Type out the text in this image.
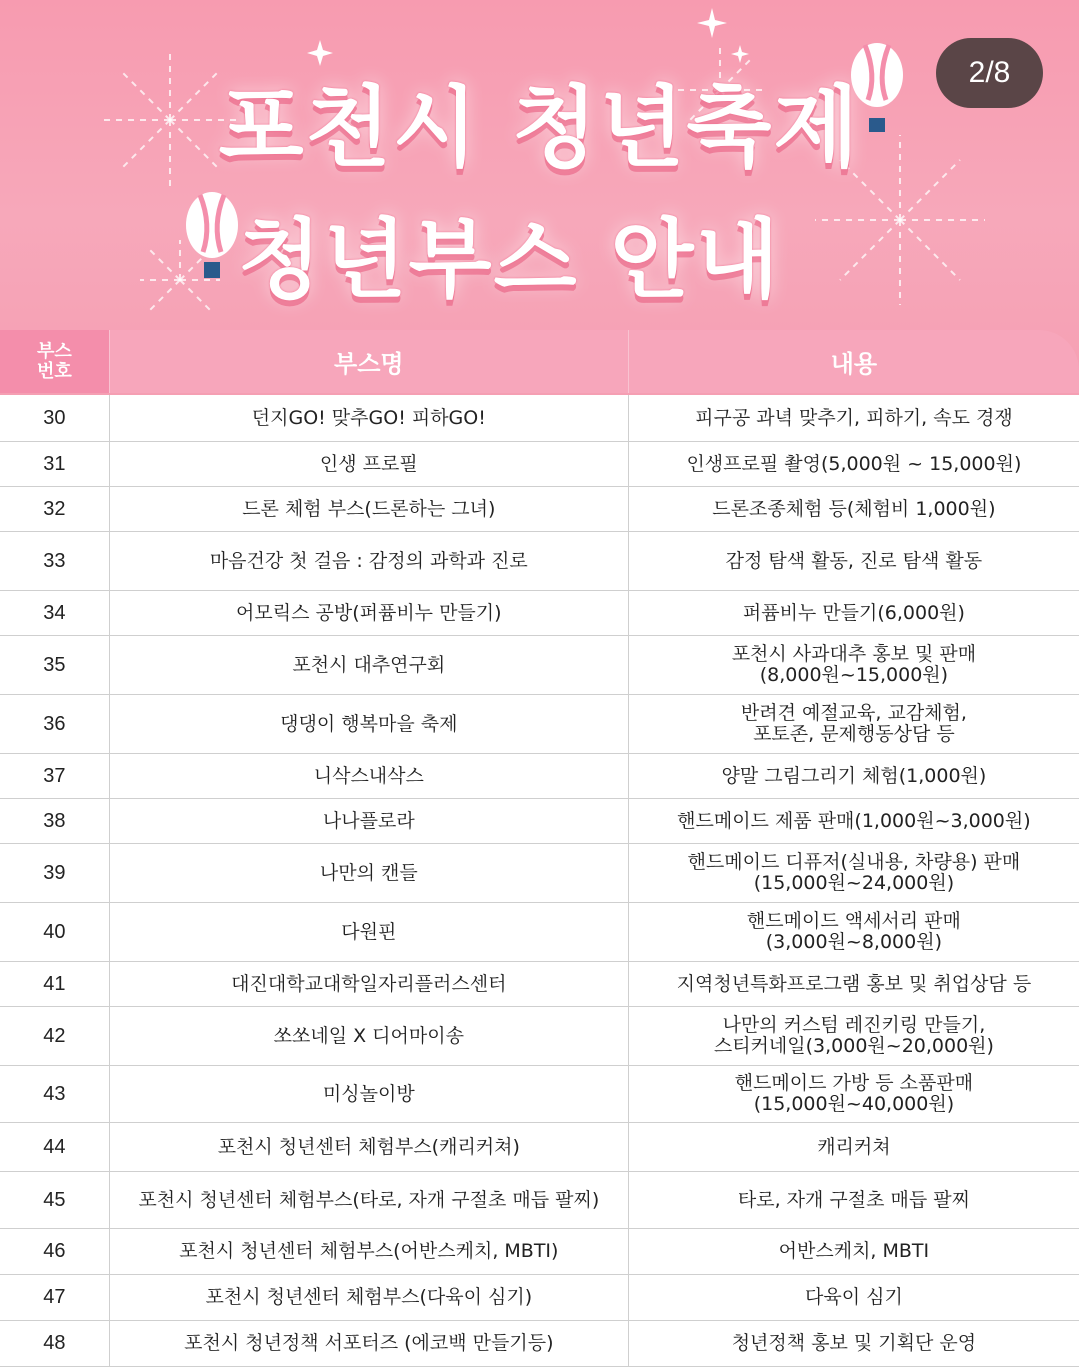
포천시 청년축제
청년부스 안내
2/8
부스
번호	부스명	내용
30	던지GO! 맞추GO! 피하GO!	피구공 과녁 맞추기, 피하기, 속도 경쟁
31	인생 프로필	인생프로필 촬영(5,000원 ~ 15,000원)
32	드론 체험 부스(드론하는 그녀)	드론조종체험 등(체험비 1,000원)
33	마음건강 첫 걸음 : 감정의 과학과 진로	감정 탐색 활동, 진로 탐색 활동
34	어모릭스 공방(퍼퓸비누 만들기)	퍼퓸비누 만들기(6,000원)
35	포천시 대추연구회	포천시 사과대추 홍보 및 판매
(8,000원~15,000원)
36	댕댕이 행복마을 축제	반려견 예절교육, 교감체험,
포토존, 문제행동상담 등
37	니삭스내삭스	양말 그림그리기 체험(1,000원)
38	나나플로라	핸드메이드 제품 판매(1,000원~3,000원)
39	나만의 캔들	핸드메이드 디퓨저(실내용, 차량용) 판매
(15,000원~24,000원)
40	다원핀	핸드메이드 액세서리 판매
(3,000원~8,000원)
41	대진대학교대학일자리플러스센터	지역청년특화프로그램 홍보 및 취업상담 등
42	쏘쏘네일 X 디어마이송	나만의 커스텀 레진키링 만들기,
스티커네일(3,000원~20,000원)
43	미싱놀이방	핸드메이드 가방 등 소품판매
(15,000원~40,000원)
44	포천시 청년센터 체험부스(캐리커쳐)	캐리커쳐
45	포천시 청년센터 체험부스(타로, 자개 구절초 매듭 팔찌)	타로, 자개 구절초 매듭 팔찌
46	포천시 청년센터 체험부스(어반스케치, MBTI)	어반스케치, MBTI
47	포천시 청년센터 체험부스(다육이 심기)	다육이 심기
48	포천시 청년정책 서포터즈 (에코백 만들기등)	청년정책 홍보 및 기획단 운영
